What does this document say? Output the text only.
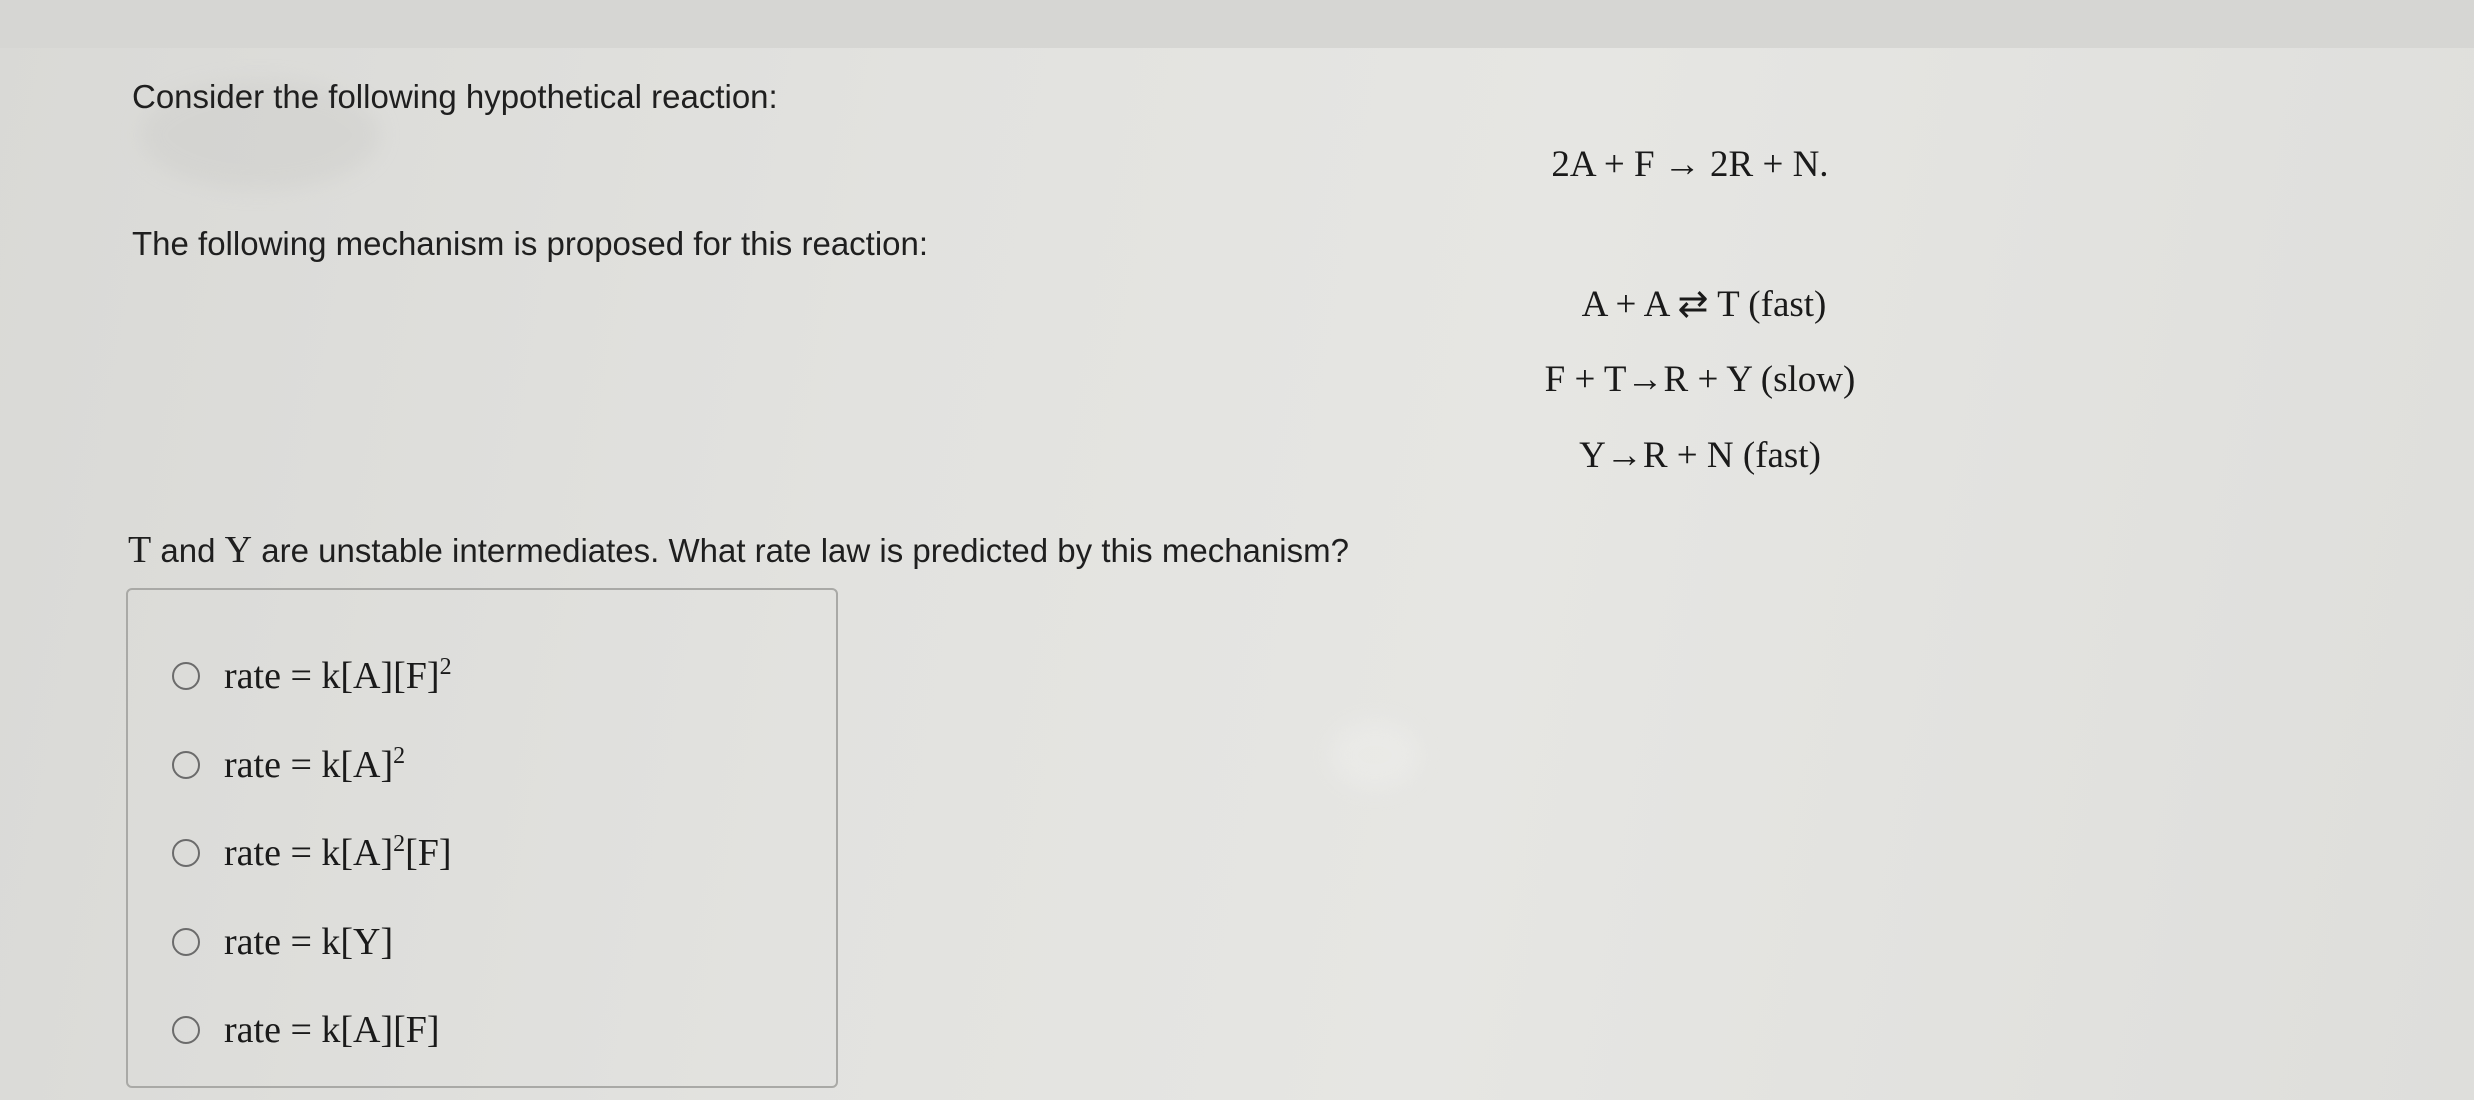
Consider the following hypothetical reaction:
2A + F → 2R + N.
The following mechanism is proposed for this reaction:
A + A ⇄ T (fast)
F + T→R + Y (slow)
Y→R + N (fast)
T and Y are unstable intermediates. What rate law is predicted by this mechanism?
rate = $k[A][F]^2$
rate = $k[A]^2$
rate = $k[A]^2[F]$
rate = k[Y]
rate = k[A][F]
